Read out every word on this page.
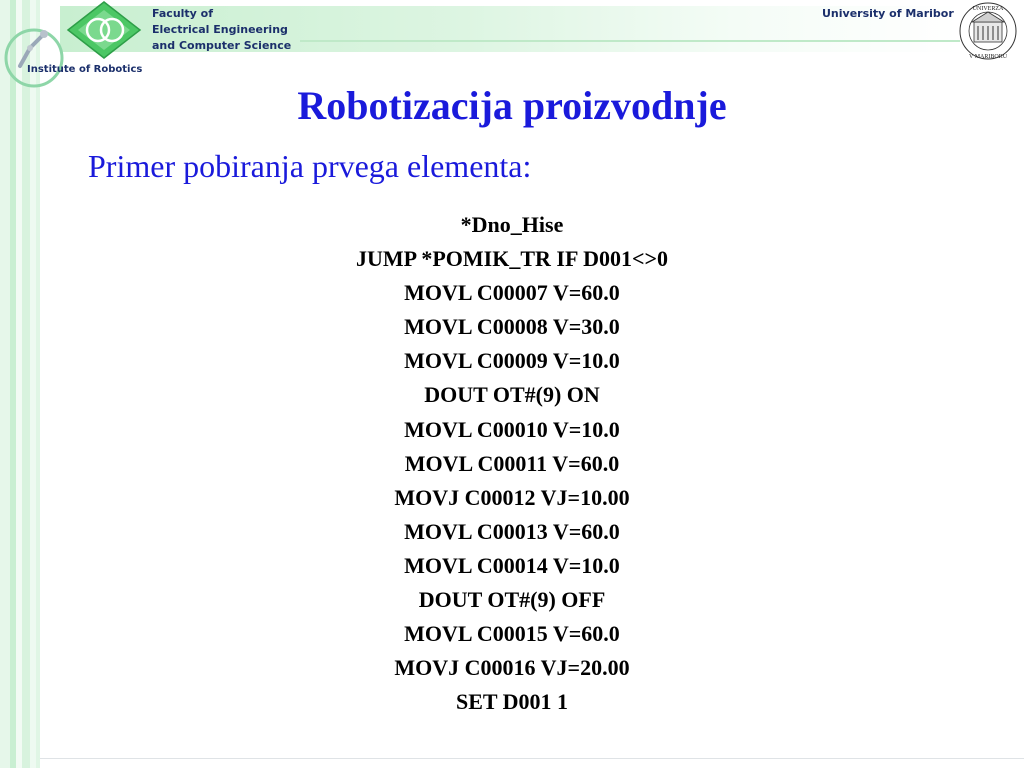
Faculty of
Electrical Engineering
and Computer Science
University of Maribor	UNIVERZA
V MARIBORU
Institute of Robotics
Robotizacija proizvodnje
Primer pobiranja prvega elementa:
*Dno_Hise
JUMP *POMIK_TR IF D001<>0
MOVL C00007 V=60.0
MOVL C00008 V=30.0
MOVL C00009 V=10.0
DOUT OT#(9) ON
MOVL C00010 V=10.0
MOVL C00011 V=60.0
MOVJ C00012 VJ=10.00
MOVL C00013 V=60.0
MOVL C00014 V=10.0
DOUT OT#(9) OFF
MOVL C00015 V=60.0
MOVJ C00016 VJ=20.00
SET D001 1
